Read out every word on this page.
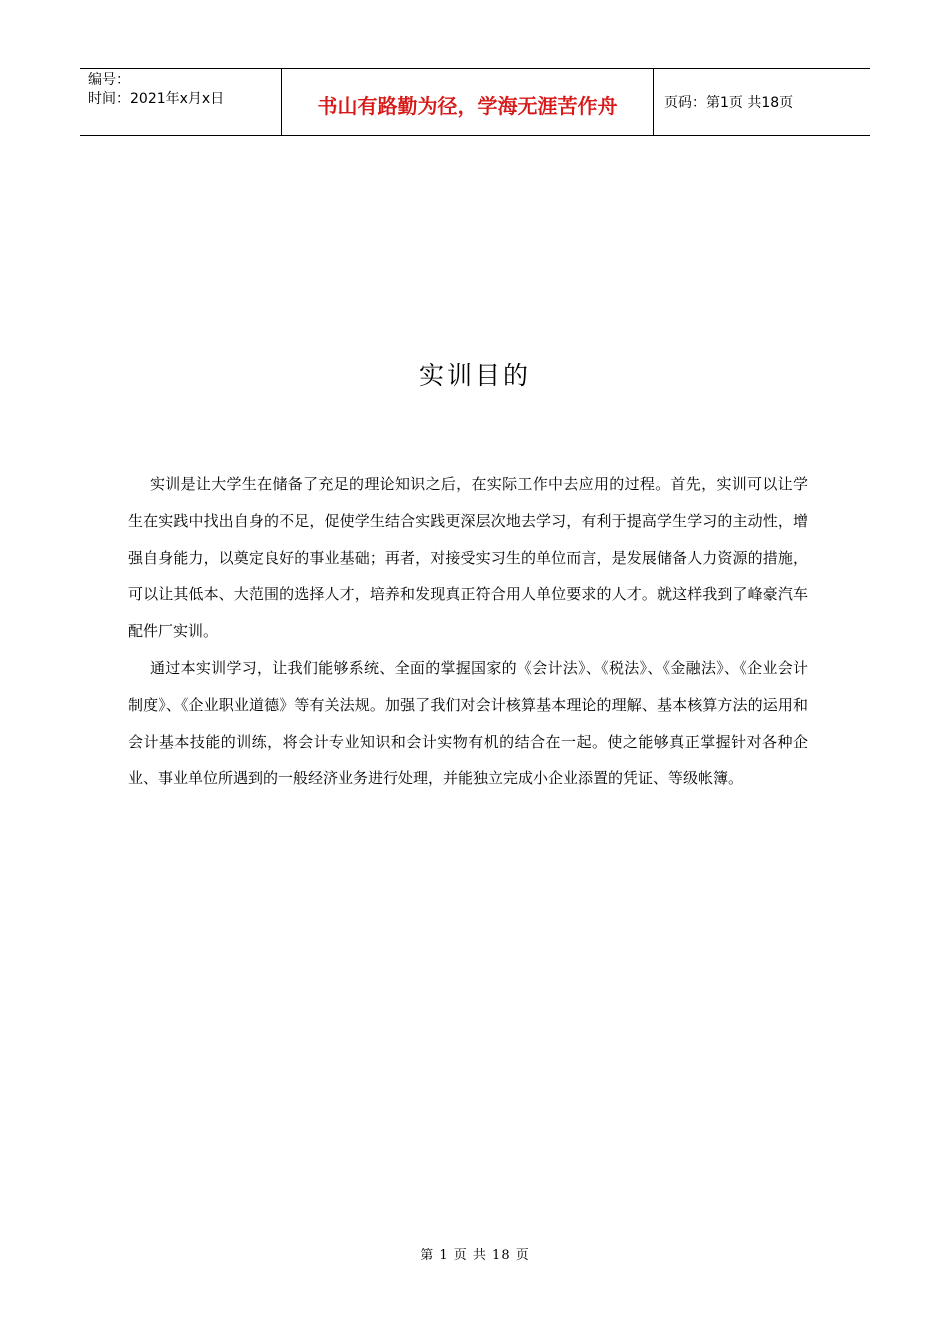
编号：
时间：2021年x月x日	书山有路勤为径，学海无涯苦作舟	页码：第1页 共18页
实训目的

实训是让大学生在储备了充足的理论知识之后，在实际工作中去应用的过程。首先，实训可以让学生在实践中找出自身的不足，促使学生结合实践更深层次地去学习，有利于提高学生学习的主动性，增强自身能力，以奠定良好的事业基础；再者，对接受实习生的单位而言，是发展储备人力资源的措施，可以让其低本、大范围的选择人才，培养和发现真正符合用人单位要求的人才。就这样我到了峰豪汽车配件厂实训。

通过本实训学习，让我们能够系统、全面的掌握国家的《会计法》、《税法》、《金融法》、《企业会计制度》、《企业职业道德》等有关法规。加强了我们对会计核算基本理论的理解、基本核算方法的运用和会计基本技能的训练，将会计专业知识和会计实物有机的结合在一起。使之能够真正掌握针对各种企业、事业单位所遇到的一般经济业务进行处理，并能独立完成小企业添置的凭证、等级帐簿。

第 1 页 共 18 页
